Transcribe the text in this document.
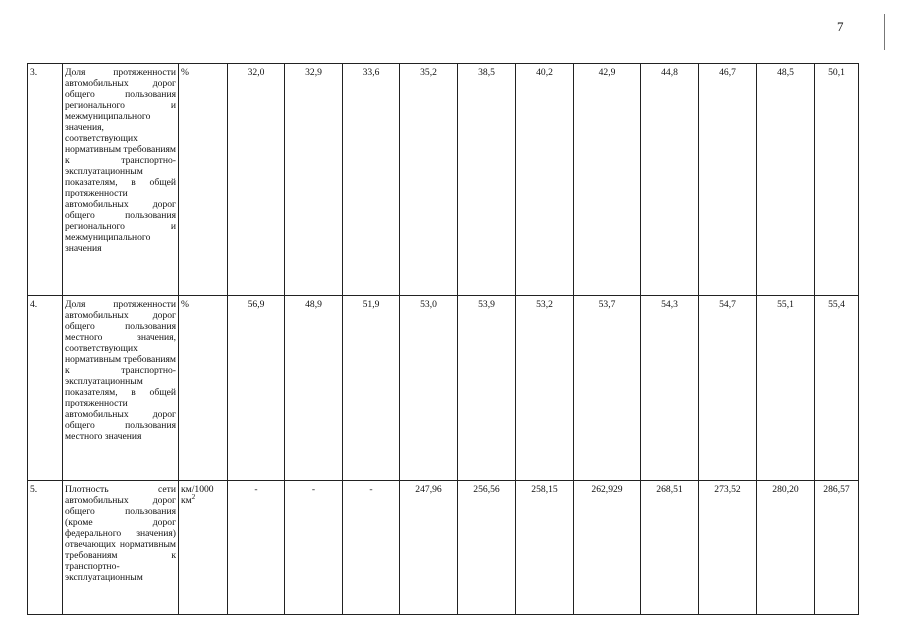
7
3.	Доля протяженности автомобильных дорог общего пользования регионального и межмуниципального значения, соответствующих нормативным требованиям к транспортно-эксплуатационным показателям, в общей протяженности автомобильных дорог общего пользования регионального и межмуниципального значения	%	32,0	32,9	33,6	35,2	38,5	40,2	42,9	44,8	46,7	48,5	50,1

4.	Доля протяженности автомобильных дорог общего пользования местного значения, соответствующих нормативным требованиям к транспортно-эксплуатационным показателям, в общей протяженности автомобильных дорог общего пользования местного значения	%	56,9	48,9	51,9	53,0	53,9	53,2	53,7	54,3	54,7	55,1	55,4

5.	Плотность сети автомобильных дорог общего пользования (кроме дорог федерального значения) отвечающих нормативным требованиям к транспортно-эксплуатационным	км/1000 $км^2$	-	-	-	247,96	256,56	258,15	262,929	268,51	273,52	280,20	286,57
